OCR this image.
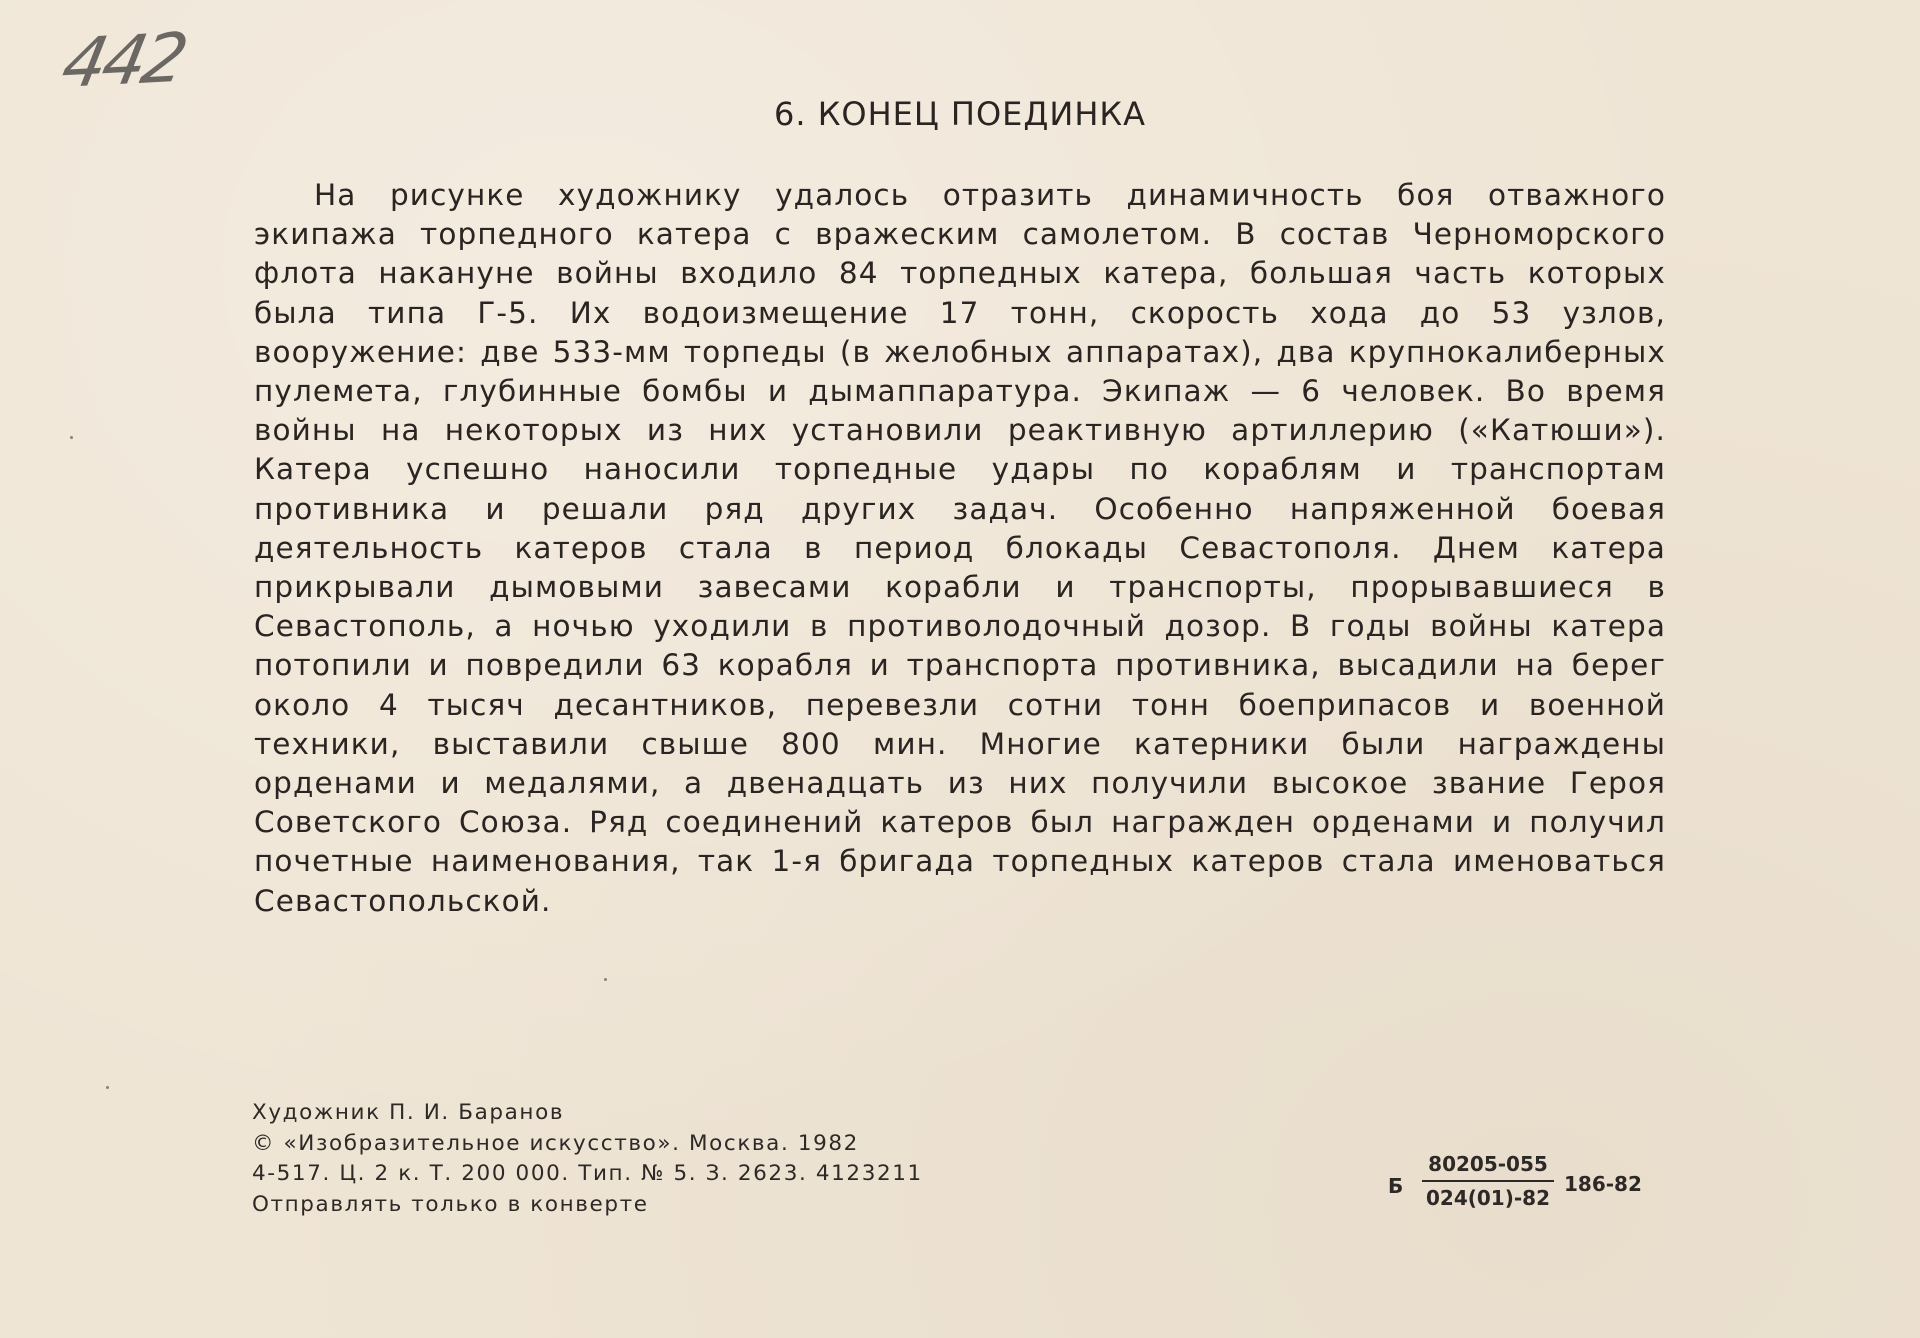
442
6. КОНЕЦ ПОЕДИНКА

На рисунке художнику удалось отразить динамичность боя отважного экипажа торпедного катера с вражеским самолетом. В состав Черноморского флота накануне войны входило 84 торпедных катера, большая часть которых была типа Г-5. Их водоизмещение 17 тонн, скорость хода до 53 узлов, вооружение: две 533-мм торпеды (в желобных аппаратах), два крупнокалиберных пулемета, глубинные бомбы и дымаппаратура. Экипаж — 6 человек. Во время войны на некоторых из них установили реактивную артиллерию («Катюши»). Катера успешно наносили торпедные удары по кораблям и транспортам противника и решали ряд других задач. Особенно напряженной боевая деятельность катеров стала в период блокады Севастополя. Днем катера прикрывали дымовыми завесами корабли и транспорты, прорывавшиеся в Севастополь, а ночью уходили в противолодочный дозор. В годы войны катера потопили и повредили 63 корабля и транспорта противника, высадили на берег около 4 тысяч десантников, перевезли сотни тонн боеприпасов и военной техники, выставили свыше 800 мин. Многие катерники были награждены орденами и медалями, а двенадцать из них получили высокое звание Героя Советского Союза. Ряд соединений катеров был награжден орденами и получил почетные наименования, так 1-я бригада торпедных катеров стала именоваться Севастопольской.

Художник П. И. Баранов
© «Изобразительное искусство». Москва. 1982
4-517. Ц. 2 к. Т. 200 000. Тип. № 5. З. 2623. 4123211
Отправлять только в конверте
Б $\frac{80205-055}{024(01)-82} 186-82$
